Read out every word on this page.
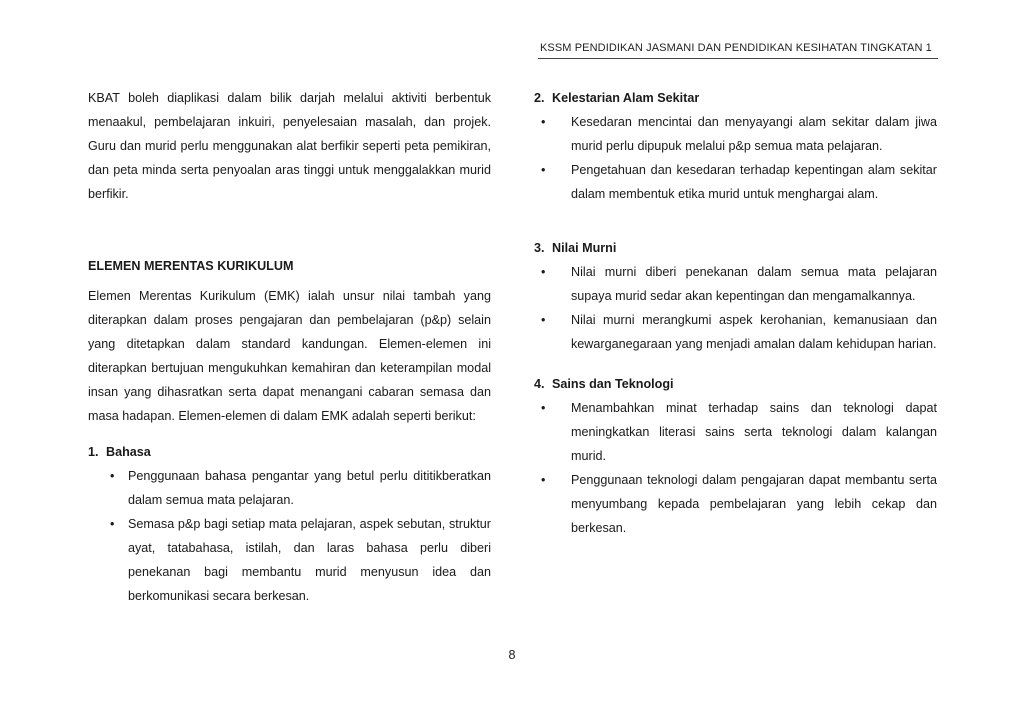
KSSM PENDIDIKAN JASMANI DAN PENDIDIKAN KESIHATAN TINGKATAN 1

KBAT boleh diaplikasi dalam bilik darjah melalui aktiviti berbentuk menaakul, pembelajaran inkuiri, penyelesaian masalah, dan projek. Guru dan murid perlu menggunakan alat berfikir seperti peta pemikiran, dan peta minda serta penyoalan aras tinggi untuk menggalakkan murid berfikir.

ELEMEN MERENTAS KURIKULUM

Elemen Merentas Kurikulum (EMK) ialah unsur nilai tambah yang diterapkan dalam proses pengajaran dan pembelajaran (p&p) selain yang ditetapkan dalam standard kandungan. Elemen-elemen ini diterapkan bertujuan mengukuhkan kemahiran dan keterampilan modal insan yang dihasratkan serta dapat menangani cabaran semasa dan masa hadapan. Elemen-elemen di dalam EMK adalah seperti berikut:

1. Bahasa

• Penggunaan bahasa pengantar yang betul perlu dititikberatkan dalam semua mata pelajaran.
• Semasa p&p bagi setiap mata pelajaran, aspek sebutan, struktur ayat, tatabahasa, istilah, dan laras bahasa perlu diberi penekanan bagi membantu murid menyusun idea dan berkomunikasi secara berkesan.

2. Kelestarian Alam Sekitar

• Kesedaran mencintai dan menyayangi alam sekitar dalam jiwa murid perlu dipupuk melalui p&p semua mata pelajaran.
• Pengetahuan dan kesedaran terhadap kepentingan alam sekitar dalam membentuk etika murid untuk menghargai alam.

3. Nilai Murni

• Nilai murni diberi penekanan dalam semua mata pelajaran supaya murid sedar akan kepentingan dan mengamalkannya.
• Nilai murni merangkumi aspek kerohanian, kemanusiaan dan kewarganegaraan yang menjadi amalan dalam kehidupan harian.

4. Sains dan Teknologi

• Menambahkan minat terhadap sains dan teknologi dapat meningkatkan literasi sains serta teknologi dalam kalangan murid.
• Penggunaan teknologi dalam pengajaran dapat membantu serta menyumbang kepada pembelajaran yang lebih cekap dan berkesan.
8
